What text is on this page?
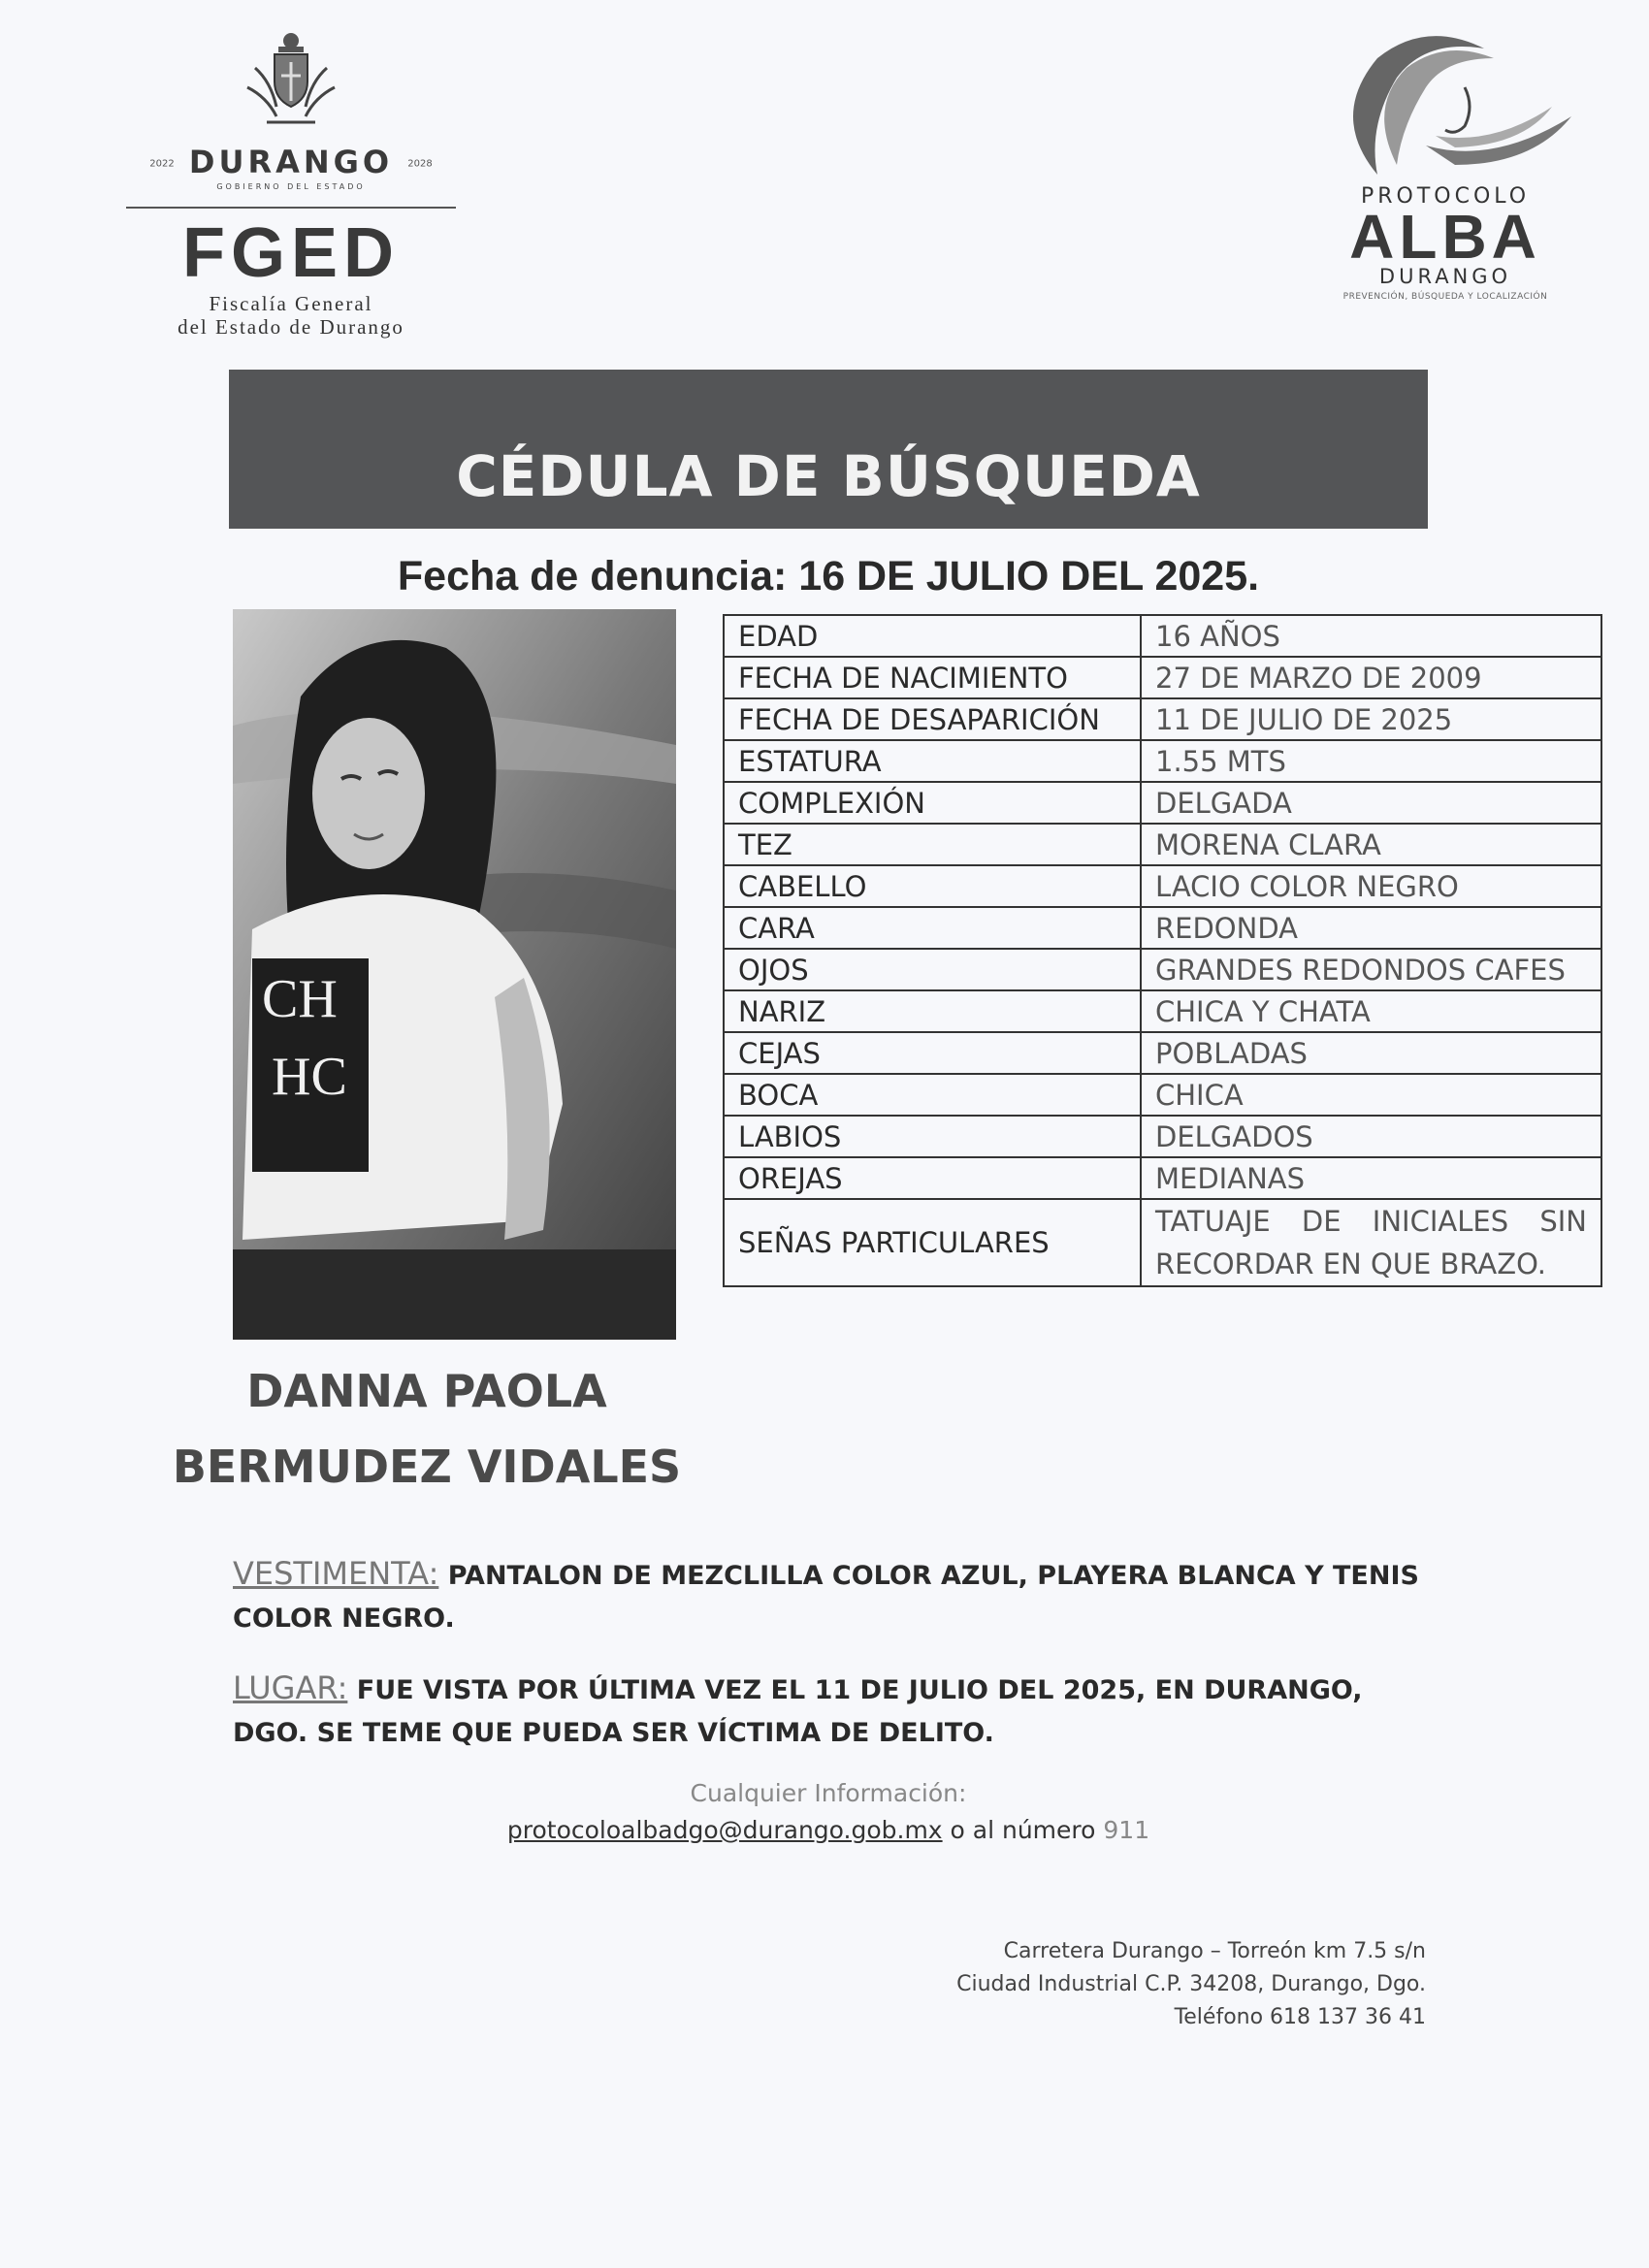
2022 DURANGO 2028
GOBIERNO DEL ESTADO
FGED
Fiscalía General
del Estado de Durango
PROTOCOLO
ALBA
DURANGO
PREVENCIÓN, BÚSQUEDA Y LOCALIZACIÓN
CÉDULA DE BÚSQUEDA
Fecha de denuncia: 16 DE JULIO DEL 2025.
CH
HC
EDAD	16 AÑOS
FECHA DE NACIMIENTO	27 DE MARZO DE 2009
FECHA DE DESAPARICIÓN	11 DE JULIO DE 2025
ESTATURA	1.55 MTS
COMPLEXIÓN	DELGADA
TEZ	MORENA CLARA
CABELLO	LACIO COLOR NEGRO
CARA	REDONDA
OJOS	GRANDES REDONDOS CAFES
NARIZ	CHICA Y CHATA
CEJAS	POBLADAS
BOCA	CHICA
LABIOS	DELGADOS
OREJAS	MEDIANAS
SEÑAS PARTICULARES	TATUAJE DE INICIALES SIN RECORDAR EN QUE BRAZO.
DANNA PAOLA
BERMUDEZ VIDALES
VESTIMENTA: PANTALON DE MEZCLILLA COLOR AZUL, PLAYERA BLANCA Y TENIS COLOR NEGRO.
LUGAR: FUE VISTA POR ÚLTIMA VEZ EL 11 DE JULIO DEL 2025, EN DURANGO, DGO. SE TEME QUE PUEDA SER VÍCTIMA DE DELITO.
Cualquier Información:
protocoloalbadgo@durango.gob.mx o al número 911
Carretera Durango – Torreón km 7.5 s/n
Ciudad Industrial C.P. 34208, Durango, Dgo.
Teléfono 618 137 36 41
